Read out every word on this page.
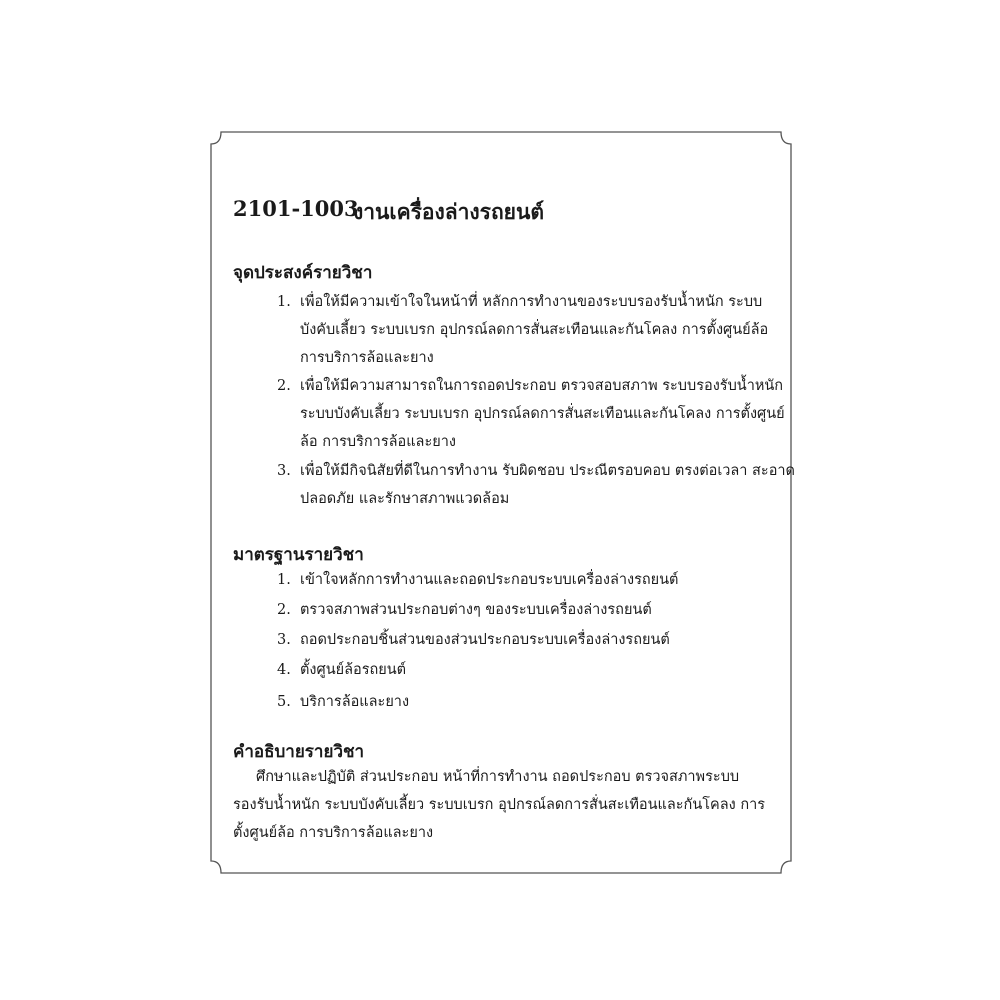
2101-1003
งานเครื่องล่างรถยนต์
จุดประสงค์รายวิชา
1. เพื่อให้มีความเข้าใจในหน้าที่ หลักการทำงานของระบบรองรับน้ำหนัก ระบบบังคับเลี้ยว ระบบเบรก อุปกรณ์ลดการสั่นสะเทือนและกันโคลง การตั้งศูนย์ล้อ การบริการล้อและยาง
2. เพื่อให้มีความสามารถในการถอดประกอบ ตรวจสอบสภาพ ระบบรองรับน้ำหนัก ระบบบังคับเลี้ยว ระบบเบรก อุปกรณ์ลดการสั่นสะเทือนและกันโคลง การตั้งศูนย์ล้อ การบริการล้อและยาง
3. เพื่อให้มีกิจนิสัยที่ดีในการทำงาน รับผิดชอบ ประณีตรอบคอบ ตรงต่อเวลา สะอาด ปลอดภัย และรักษาสภาพแวดล้อม
มาตรฐานรายวิชา
1. เข้าใจหลักการทำงานและถอดประกอบระบบเครื่องล่างรถยนต์
2. ตรวจสภาพส่วนประกอบต่างๆ ของระบบเครื่องล่างรถยนต์
3. ถอดประกอบชิ้นส่วนของส่วนประกอบระบบเครื่องล่างรถยนต์
4. ตั้งศูนย์ล้อรถยนต์
5. บริการล้อและยาง
คำอธิบายรายวิชา
ศึกษาและปฏิบัติ ส่วนประกอบ หน้าที่การทำงาน ถอดประกอบ ตรวจสภาพระบบรองรับน้ำหนัก ระบบบังคับเลี้ยว ระบบเบรก อุปกรณ์ลดการสั่นสะเทือนและกันโคลง การตั้งศูนย์ล้อ การบริการล้อและยาง
